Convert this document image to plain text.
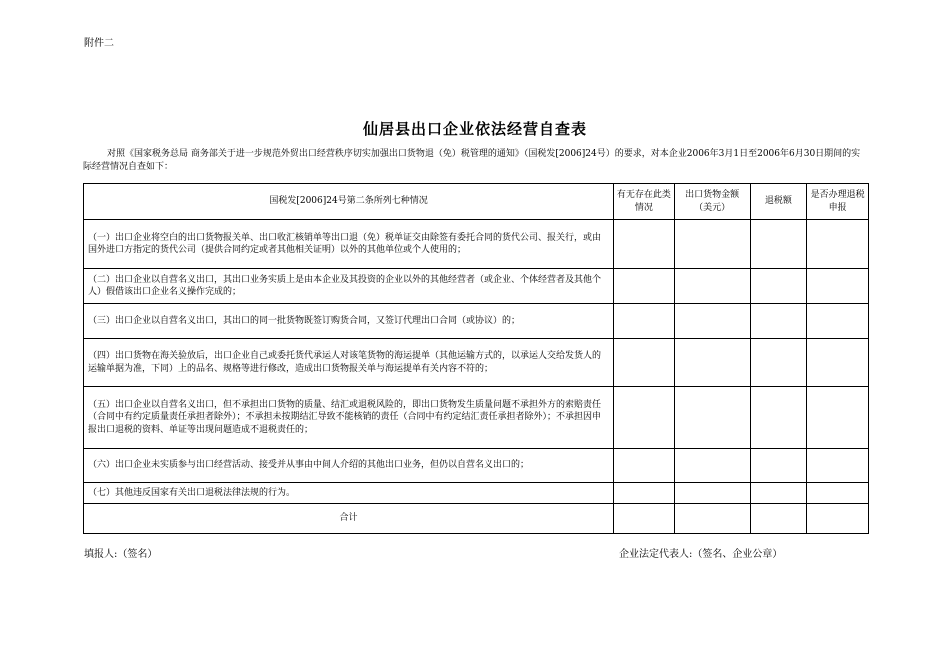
附件二
仙居县出口企业依法经营自查表
对照《国家税务总局 商务部关于进一步规范外贸出口经营秩序切实加强出口货物退（免）税管理的通知》（国税发[2006]24号）的要求，对本企业2006年3月1日至2006年6月30日期间的实际经营情况自查如下：
国税发[2006]24号第二条所列七种情况	有无存在此类情况	出口货物金额（美元）	退税额	是否办理退税申报
（一）出口企业将空白的出口货物报关单、出口收汇核销单等出口退（免）税单证交由除签有委托合同的货代公司、报关行，或由国外进口方指定的货代公司（提供合同约定或者其他相关证明）以外的其他单位或个人使用的；				
（二）出口企业以自营名义出口，其出口业务实质上是由本企业及其投资的企业以外的其他经营者（或企业、个体经营者及其他个人）假借该出口企业名义操作完成的；				
（三）出口企业以自营名义出口，其出口的同一批货物既签订购货合同，又签订代理出口合同（或协议）的；				
（四）出口货物在海关验放后，出口企业自己或委托货代承运人对该笔货物的海运提单（其他运输方式的，以承运人交给发货人的运输单据为准，下同）上的品名、规格等进行修改，造成出口货物报关单与海运提单有关内容不符的；				
（五）出口企业以自营名义出口，但不承担出口货物的质量、结汇或退税风险的，即出口货物发生质量问题不承担外方的索赔责任（合同中有约定质量责任承担者除外）；不承担未按期结汇导致不能核销的责任（合同中有约定结汇责任承担者除外）；不承担因申报出口退税的资料、单证等出现问题造成不退税责任的；				
（六）出口企业未实质参与出口经营活动、接受并从事由中间人介绍的其他出口业务，但仍以自营名义出口的；				
（七）其他违反国家有关出口退税法律法规的行为。				
合计				
填报人:（签名）	企业法定代表人:（签名、企业公章）
